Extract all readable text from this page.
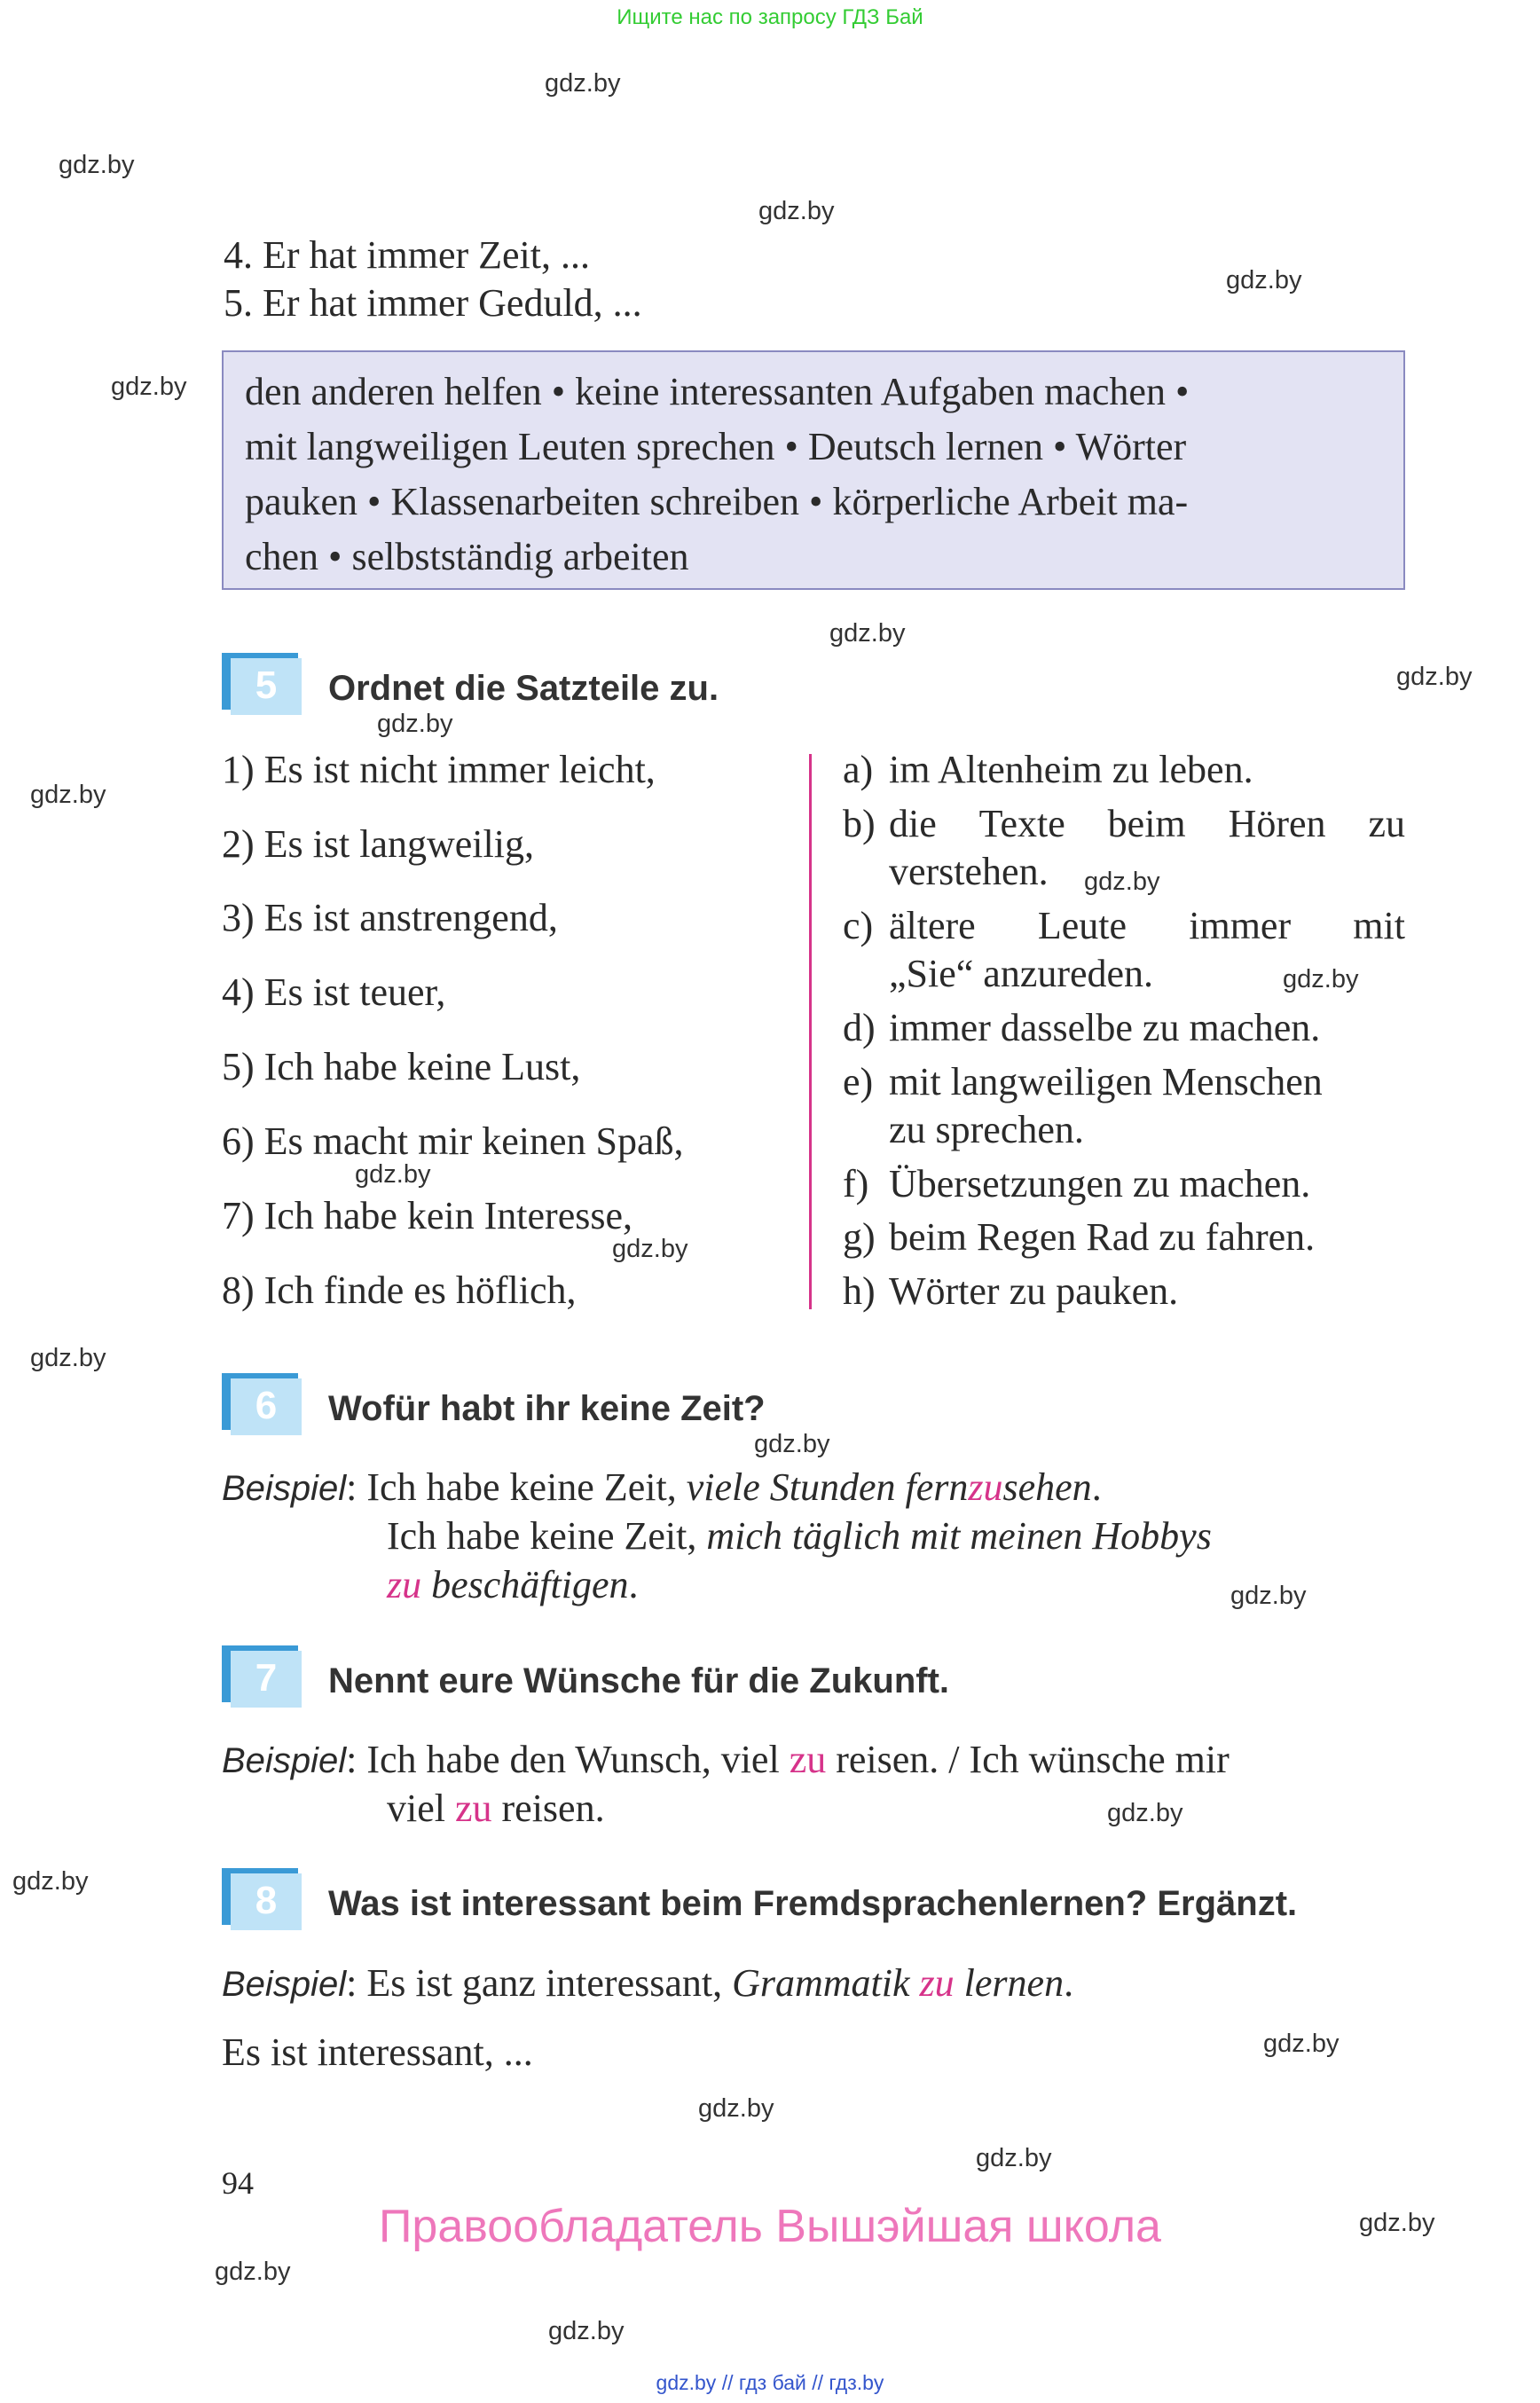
Ищите нас по запросу ГДЗ Бай
gdz.by
gdz.by
gdz.by
gdz.by
gdz.by
gdz.by
gdz.by
gdz.by
gdz.by
gdz.by
gdz.by
gdz.by
gdz.by
gdz.by
gdz.by
gdz.by
gdz.by
gdz.by
gdz.by
gdz.by
gdz.by
gdz.by
gdz.by
gdz.by
4. Er hat immer Zeit, ...
5. Er hat immer Geduld, ...
den anderen helfen • keine interessanten Aufgaben machen •
mit langweiligen Leuten sprechen • Deutsch lernen • Wörter
pauken • Klassenarbeiten schreiben • körperliche Arbeit ma-
chen • selbstständig arbeiten
5	Ordnet die Satzteile zu.
1) Es ist nicht immer leicht,
2) Es ist langweilig,
3) Es ist anstrengend,
4) Es ist teuer,
5) Ich habe keine Lust,
6) Es macht mir keinen Spaß,
7) Ich habe kein Interesse,
8) Ich finde es höflich,
a) im Altenheim zu leben.
b) die Texte beim Hören zu
verstehen.
c) ältere Leute immer mit
„Sie“ anzureden.
d) immer dasselbe zu machen.
e) mit langweiligen Menschen
zu sprechen.
f) Übersetzungen zu machen.
g) beim Regen Rad zu fahren.
h) Wörter zu pauken.
6	Wofür habt ihr keine Zeit?
Beispiel: Ich habe keine Zeit, viele Stunden fernzusehen.
Ich habe keine Zeit, mich täglich mit meinen Hobbys
zu beschäftigen.
7	Nennt eure Wünsche für die Zukunft.
Beispiel: Ich habe den Wunsch, viel zu reisen. / Ich wünsche mir
viel zu reisen.
8	Was ist interessant beim Fremdsprachenlernen? Ergänzt.
Beispiel: Es ist ganz interessant, Grammatik zu lernen.
Es ist interessant, ...
94
Правообладатель Вышэйшая школа
gdz.by // гдз бай // гдз.by
